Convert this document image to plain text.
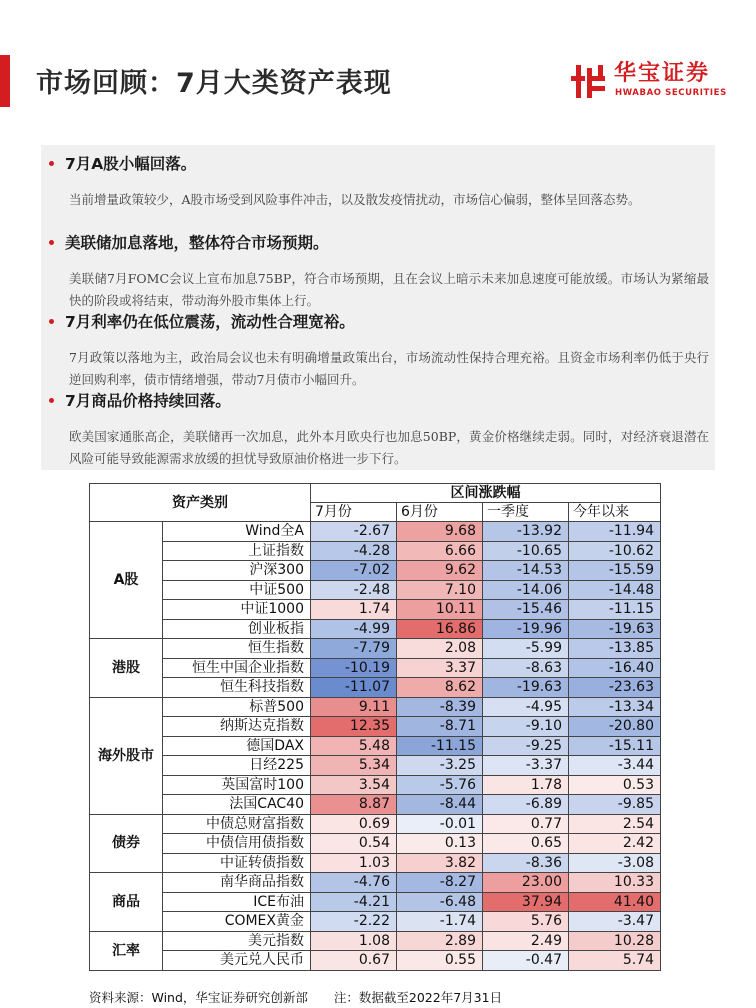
市场回顾：7月大类资产表现	华宝证券
HWABAO SECURITIES
7月A股小幅回落。
当前增量政策较少，A股市场受到风险事件冲击，以及散发疫情扰动，市场信心偏弱，整体呈回落态势。
美联储加息落地，整体符合市场预期。
美联储7月FOMC会议上宣布加息75BP，符合市场预期，且在会议上暗示未来加息速度可能放缓。市场认为紧缩最快的阶段或将结束，带动海外股市集体上行。
7月利率仍在低位震荡，流动性合理宽裕。
7月政策以落地为主，政治局会议也未有明确增量政策出台，市场流动性保持合理充裕。且资金市场利率仍低于央行逆回购利率，债市情绪增强，带动7月债市小幅回升。
7月商品价格持续回落。
欧美国家通胀高企，美联储再一次加息，此外本月欧央行也加息50BP，黄金价格继续走弱。同时，对经济衰退潜在风险可能导致能源需求放缓的担忧导致原油价格进一步下行。
资产类别		区间涨跌幅			
		7月份	6月份	一季度	今年以来
A股	Wind全A	-2.67	9.68	-13.92	-11.94
	上证指数	-4.28	6.66	-10.65	-10.62
	沪深300	-7.02	9.62	-14.53	-15.59
	中证500	-2.48	7.10	-14.06	-14.48
	中证1000	1.74	10.11	-15.46	-11.15
	创业板指	-4.99	16.86	-19.96	-19.63
港股	恒生指数	-7.79	2.08	-5.99	-13.85
	恒生中国企业指数	-10.19	3.37	-8.63	-16.40
	恒生科技指数	-11.07	8.62	-19.63	-23.63
海外股市	标普500	9.11	-8.39	-4.95	-13.34
	纳斯达克指数	12.35	-8.71	-9.10	-20.80
	德国DAX	5.48	-11.15	-9.25	-15.11
	日经225	5.34	-3.25	-3.37	-3.44
	英国富时100	3.54	-5.76	1.78	0.53
	法国CAC40	8.87	-8.44	-6.89	-9.85
债券	中债总财富指数	0.69	-0.01	0.77	2.54
	中债信用债指数	0.54	0.13	0.65	2.42
	中证转债指数	1.03	3.82	-8.36	-3.08
商品	南华商品指数	-4.76	-8.27	23.00	10.33
	ICE布油	-4.21	-6.48	37.94	41.40
	COMEX黄金	-2.22	-1.74	5.76	-3.47
汇率	美元指数	1.08	2.89	2.49	10.28
	美元兑人民币	0.67	0.55	-0.47	5.74
资料来源：Wind，华宝证券研究创新部 注：数据截至2022年7月31日
